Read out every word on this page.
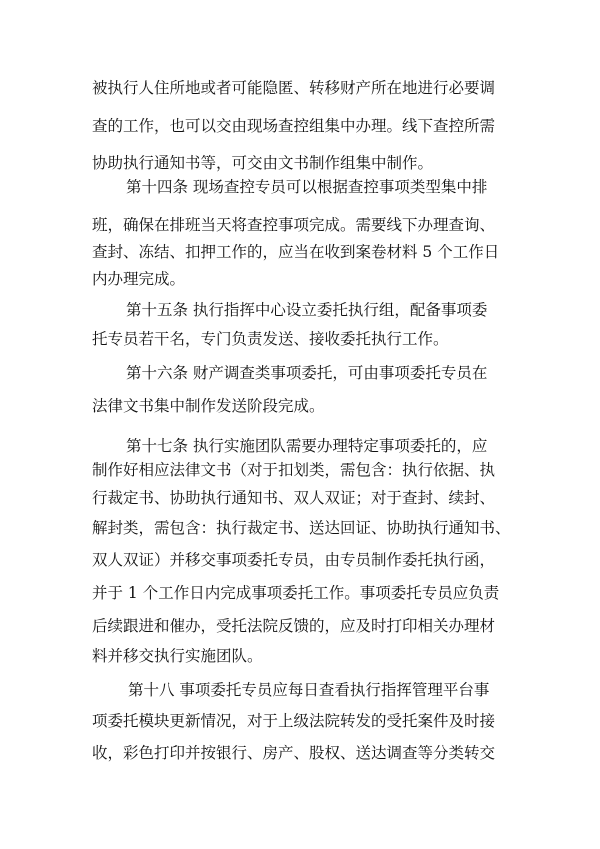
被执行人住所地或者可能隐匿、转移财产所在地进行必要调
查的工作，也可以交由现场查控组集中办理。线下查控所需
协助执行通知书等，可交由文书制作组集中制作。
第十四条 现场查控专员可以根据查控事项类型集中排
班，确保在排班当天将查控事项完成。需要线下办理查询、
查封、冻结、扣押工作的，应当在收到案卷材料 5 个工作日
内办理完成。
第十五条 执行指挥中心设立委托执行组，配备事项委
托专员若干名，专门负责发送、接收委托执行工作。
第十六条 财产调查类事项委托，可由事项委托专员在
法律文书集中制作发送阶段完成。
第十七条 执行实施团队需要办理特定事项委托的，应
制作好相应法律文书（对于扣划类，需包含：执行依据、执
行裁定书、协助执行通知书、双人双证；对于查封、续封、
解封类，需包含：执行裁定书、送达回证、协助执行通知书、
双人双证）并移交事项委托专员，由专员制作委托执行函，
并于 1 个工作日内完成事项委托工作。事项委托专员应负责
后续跟进和催办，受托法院反馈的，应及时打印相关办理材
料并移交执行实施团队。
第十八 事项委托专员应每日查看执行指挥管理平台事
项委托模块更新情况，对于上级法院转发的受托案件及时接
收，彩色打印并按银行、房产、股权、送达调查等分类转交
